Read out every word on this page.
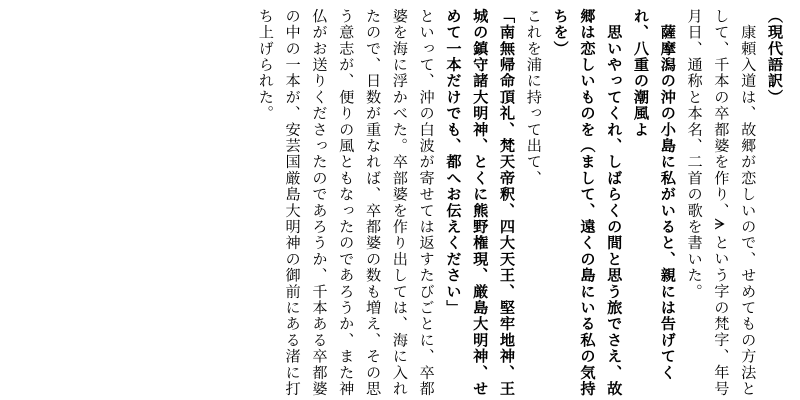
（現代語訳）

　康頼入道は、故郷が恋しいので、せめてもの方法と

して、千本の卒都婆を作り、ᗒという字の梵字、年号

月日、通称と本名、二首の歌を書いた。

　薩摩潟の沖の小島に私がいると、親には告げてく

れ、八重の潮風よ

　思いやってくれ、しばらくの間と思う旅でさえ、故

郷は恋しいものを（まして、遠くの島にいる私の気持

ちを）

これを浦に持って出て、

「南無帰命頂礼、梵天帝釈、四大天王、堅牢地神、王

城の鎮守諸大明神、とくに熊野権現、厳島大明神、せ

めて一本だけでも、都へお伝えください」

といって、沖の白波が寄せては返すたびごとに、卒都

婆を海に浮かべた。卒部婆を作り出しては、海に入れ

たので、日数が重なれば、卒都婆の数も増え、その思

う意志が、便りの風ともなったのであろうか、また神

仏がお送りくださったのであろうか、千本ある卒都婆

の中の一本が、安芸国厳島大明神の御前にある渚に打

ち上げられた。
